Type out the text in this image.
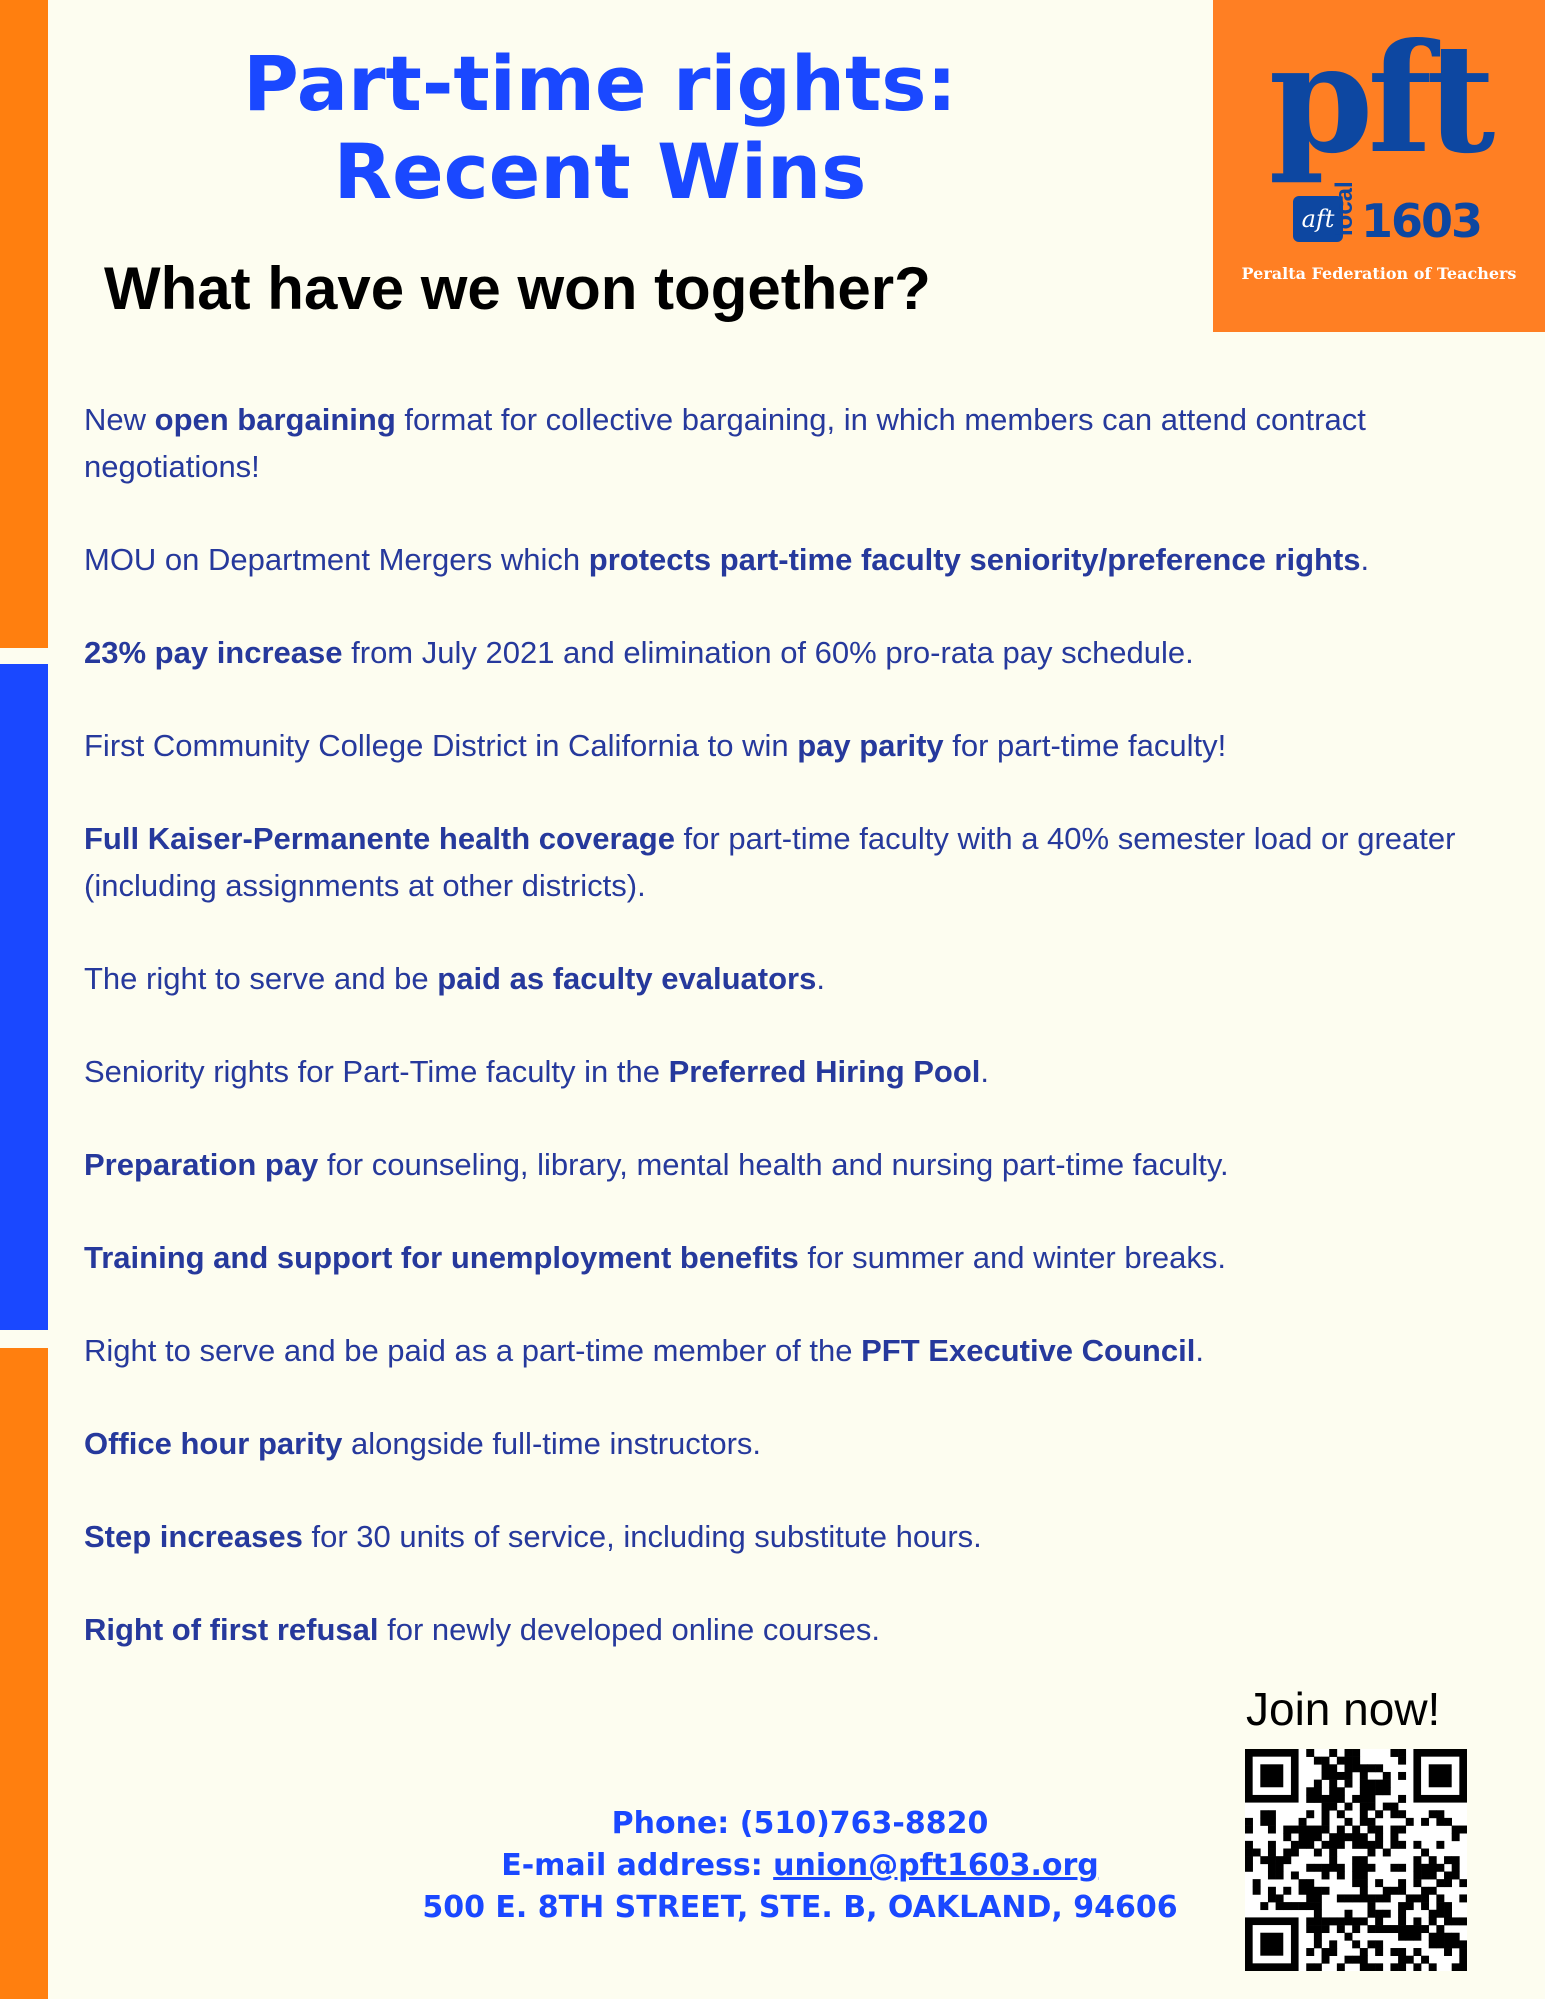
Part-time rights:
Recent Wins
What have we won together?
pft
aft
local 1603
Peralta Federation of Teachers

New open bargaining format for collective bargaining, in which members can attend contract negotiations!

MOU on Department Mergers which protects part-time faculty seniority/preference rights.

23% pay increase from July 2021 and elimination of 60% pro-rata pay schedule.

First Community College District in California to win pay parity for part-time faculty!

Full Kaiser-Permanente health coverage for part-time faculty with a 40% semester load or greater (including assignments at other districts).

The right to serve and be paid as faculty evaluators.

Seniority rights for Part-Time faculty in the Preferred Hiring Pool.

Preparation pay for counseling, library, mental health and nursing part-time faculty.

Training and support for unemployment benefits for summer and winter breaks.

Right to serve and be paid as a part-time member of the PFT Executive Council.

Office hour parity alongside full-time instructors.

Step increases for 30 units of service, including substitute hours.

Right of first refusal for newly developed online courses.

Join now!

Phone: (510)763-8820

E-mail address: union@pft1603.org

500 E. 8TH STREET, STE. B, OAKLAND, 94606
